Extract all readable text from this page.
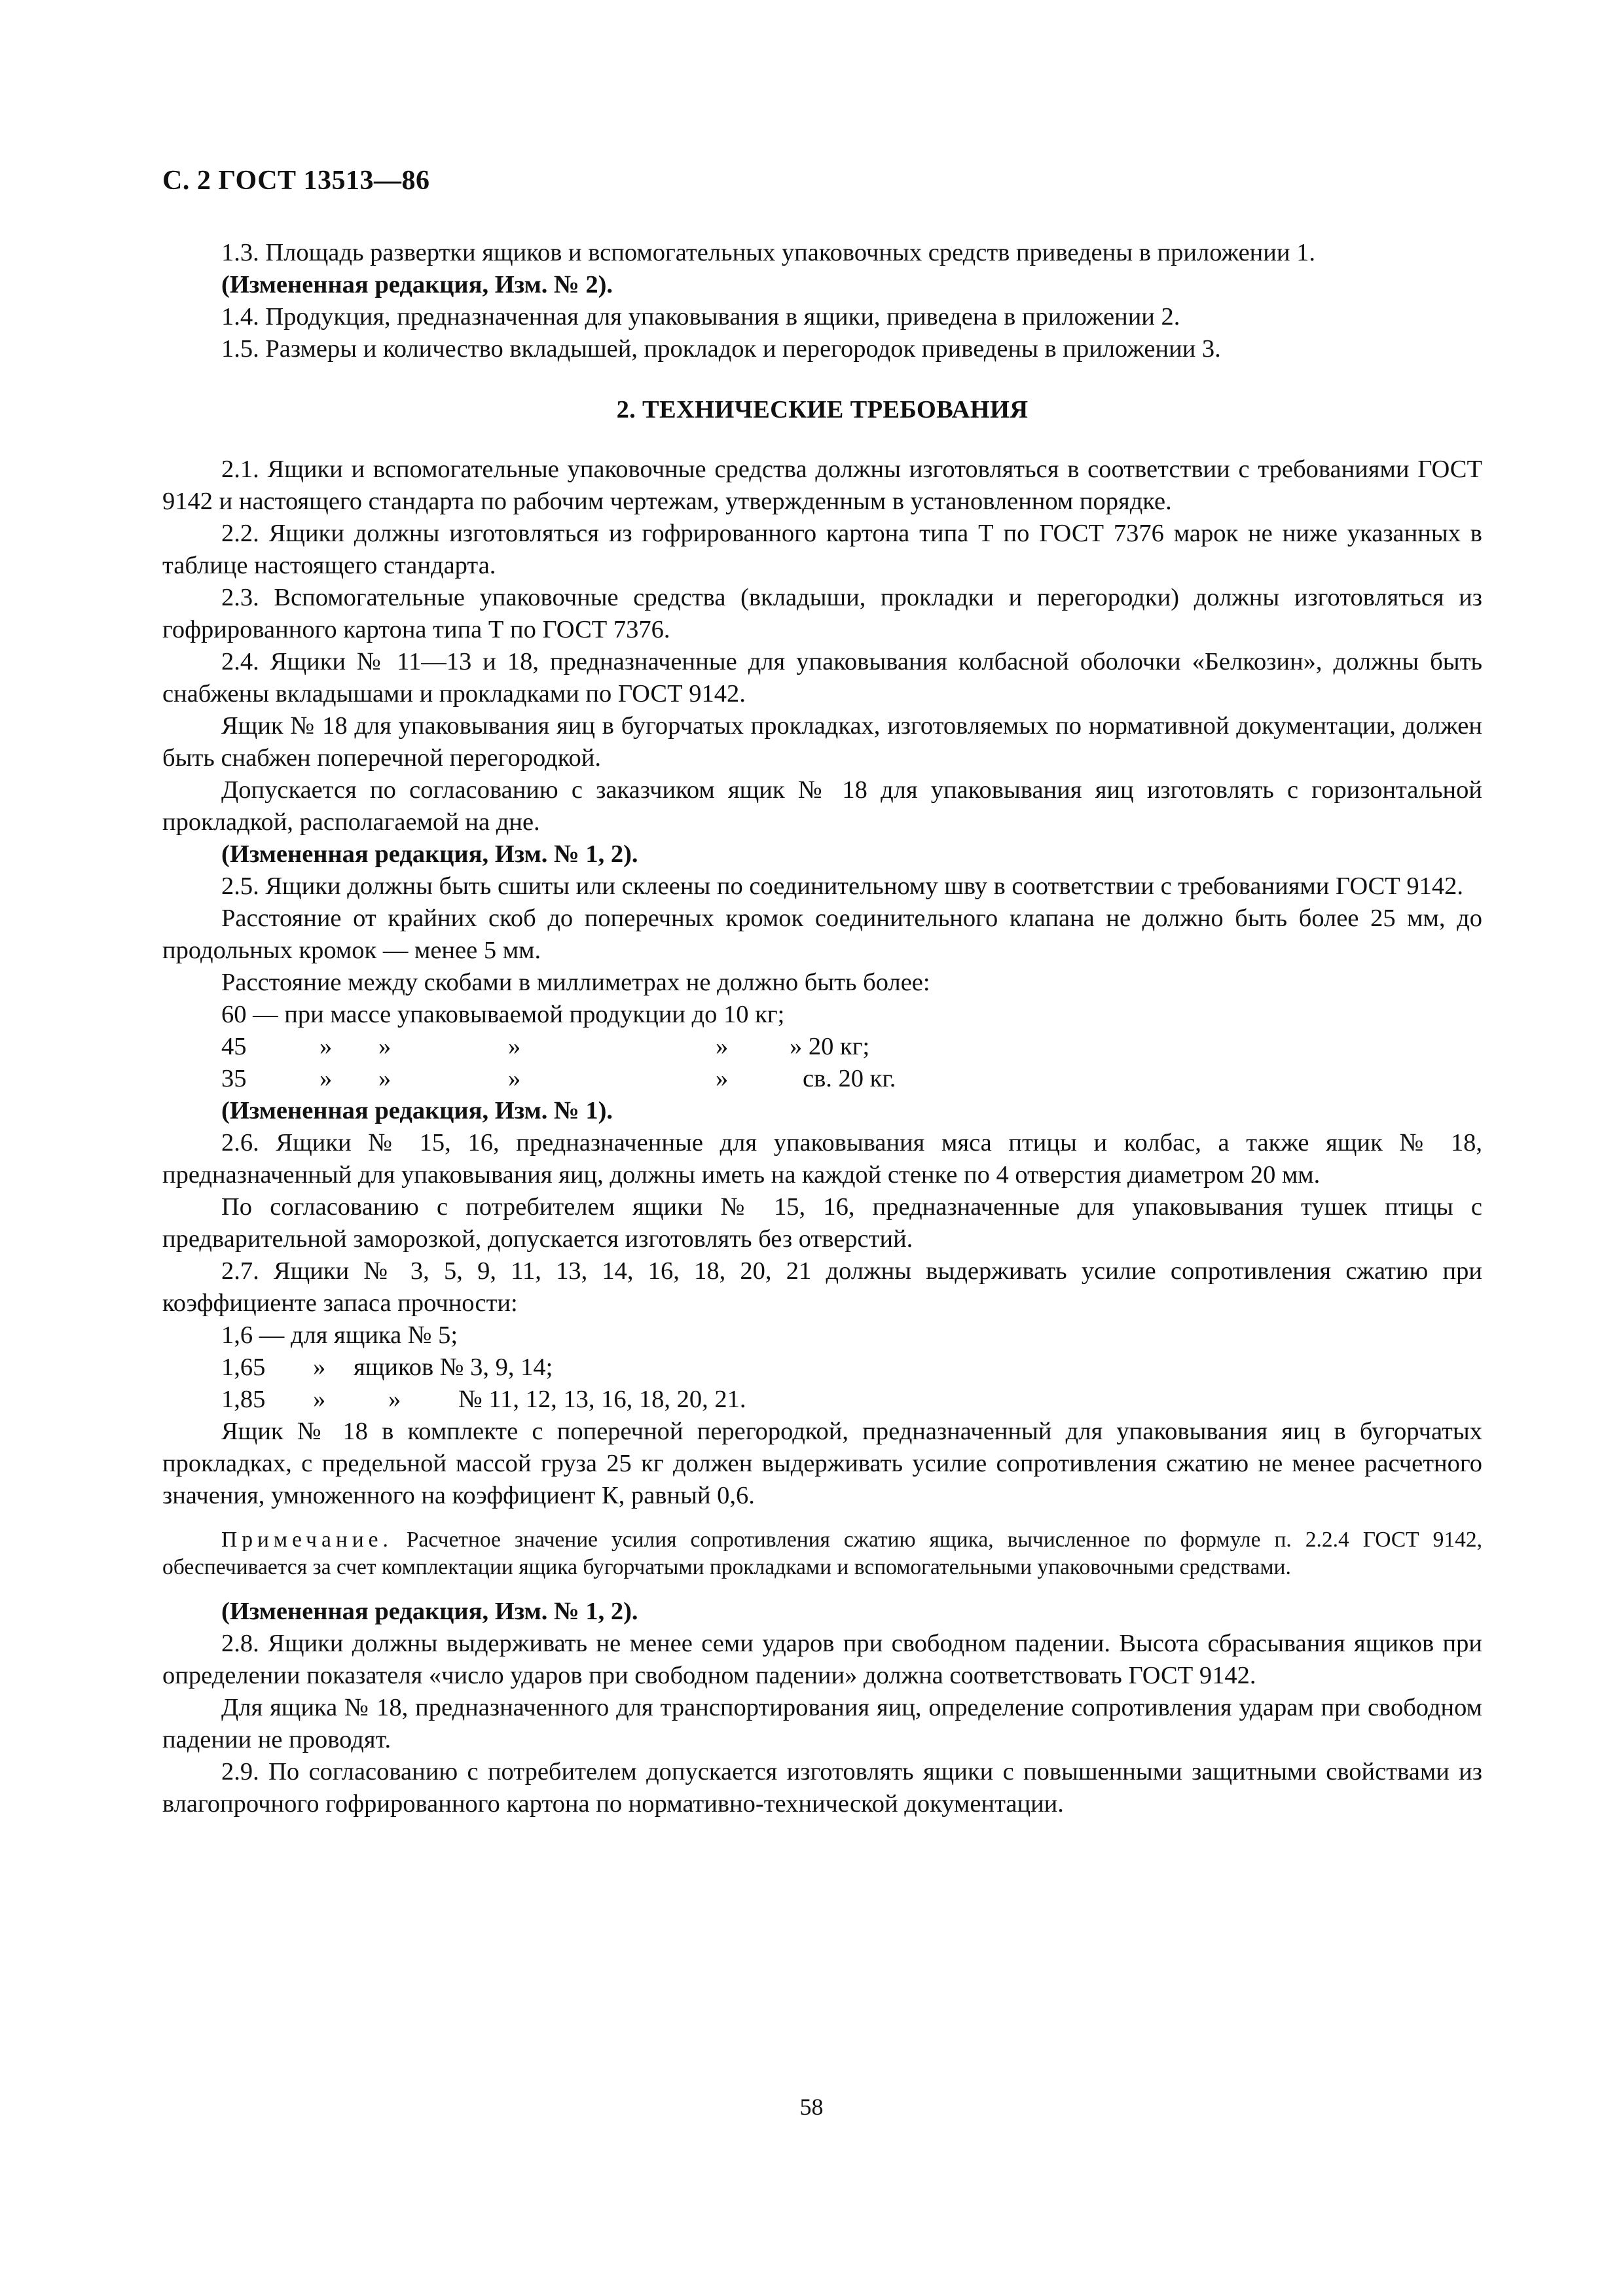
С. 2 ГОСТ 13513—86

1.3. Площадь развертки ящиков и вспомогательных упаковочных средств приведены в приложении 1.

(Измененная редакция, Изм. № 2).

1.4. Продукция, предназначенная для упаковывания в ящики, приведена в приложении 2.

1.5. Размеры и количество вкладышей, прокладок и перегородок приведены в приложении 3.

2. ТЕХНИЧЕСКИЕ ТРЕБОВАНИЯ

2.1. Ящики и вспомогательные упаковочные средства должны изготовляться в соответствии с требованиями ГОСТ 9142 и настоящего стандарта по рабочим чертежам, утвержденным в установленном порядке.

2.2. Ящики должны изготовляться из гофрированного картона типа Т по ГОСТ 7376 марок не ниже указанных в таблице настоящего стандарта.

2.3. Вспомогательные упаковочные средства (вкладыши, прокладки и перегородки) должны изготовляться из гофрированного картона типа Т по ГОСТ 7376.

2.4. Ящики № 11—13 и 18, предназначенные для упаковывания колбасной оболочки «Белкозин», должны быть снабжены вкладышами и прокладками по ГОСТ 9142.

Ящик № 18 для упаковывания яиц в бугорчатых прокладках, изготовляемых по нормативной документации, должен быть снабжен поперечной перегородкой.

Допускается по согласованию с заказчиком ящик № 18 для упаковывания яиц изготовлять с горизонтальной прокладкой, располагаемой на дне.

(Измененная редакция, Изм. № 1, 2).

2.5. Ящики должны быть сшиты или склеены по соединительному шву в соответствии с требованиями ГОСТ 9142.

Расстояние от крайних скоб до поперечных кромок соединительного клапана не должно быть более 25 мм, до продольных кромок — менее 5 мм.

Расстояние между скобами в миллиметрах не должно быть более:

60 — при массе упаковываемой продукции до 10 кг;
45	» »	»	» » 20 кг;
35	» »	»	»	св. 20 кг.

(Измененная редакция, Изм. № 1).

2.6. Ящики № 15, 16, предназначенные для упаковывания мяса птицы и колбас, а также ящик № 18, предназначенный для упаковывания яиц, должны иметь на каждой стенке по 4 отверстия диаметром 20 мм.

По согласованию с потребителем ящики № 15, 16, предназначенные для упаковывания тушек птицы с предварительной заморозкой, допускается изготовлять без отверстий.

2.7. Ящики № 3, 5, 9, 11, 13, 14, 16, 18, 20, 21 должны выдерживать усилие сопротивления сжатию при коэффициенте запаса прочности:

1,6 — для ящика № 5;
1,65 » ящиков № 3, 9, 14;
1,85 » » № 11, 12, 13, 16, 18, 20, 21.

Ящик № 18 в комплекте с поперечной перегородкой, предназначенный для упаковывания яиц в бугорчатых прокладках, с предельной массой груза 25 кг должен выдерживать усилие сопротивления сжатию не менее расчетного значения, умноженного на коэффициент К, равный 0,6.

Примечание. Расчетное значение усилия сопротивления сжатию ящика, вычисленное по формуле п. 2.2.4 ГОСТ 9142, обеспечивается за счет комплектации ящика бугорчатыми прокладками и вспомогательными упаковочными средствами.

(Измененная редакция, Изм. № 1, 2).

2.8. Ящики должны выдерживать не менее семи ударов при свободном падении. Высота сбрасывания ящиков при определении показателя «число ударов при свободном падении» должна соответствовать ГОСТ 9142.

Для ящика № 18, предназначенного для транспортирования яиц, определение сопротивления ударам при свободном падении не проводят.

2.9. По согласованию с потребителем допускается изготовлять ящики с повышенными защитными свойствами из влагопрочного гофрированного картона по нормативно-технической документации.

58
